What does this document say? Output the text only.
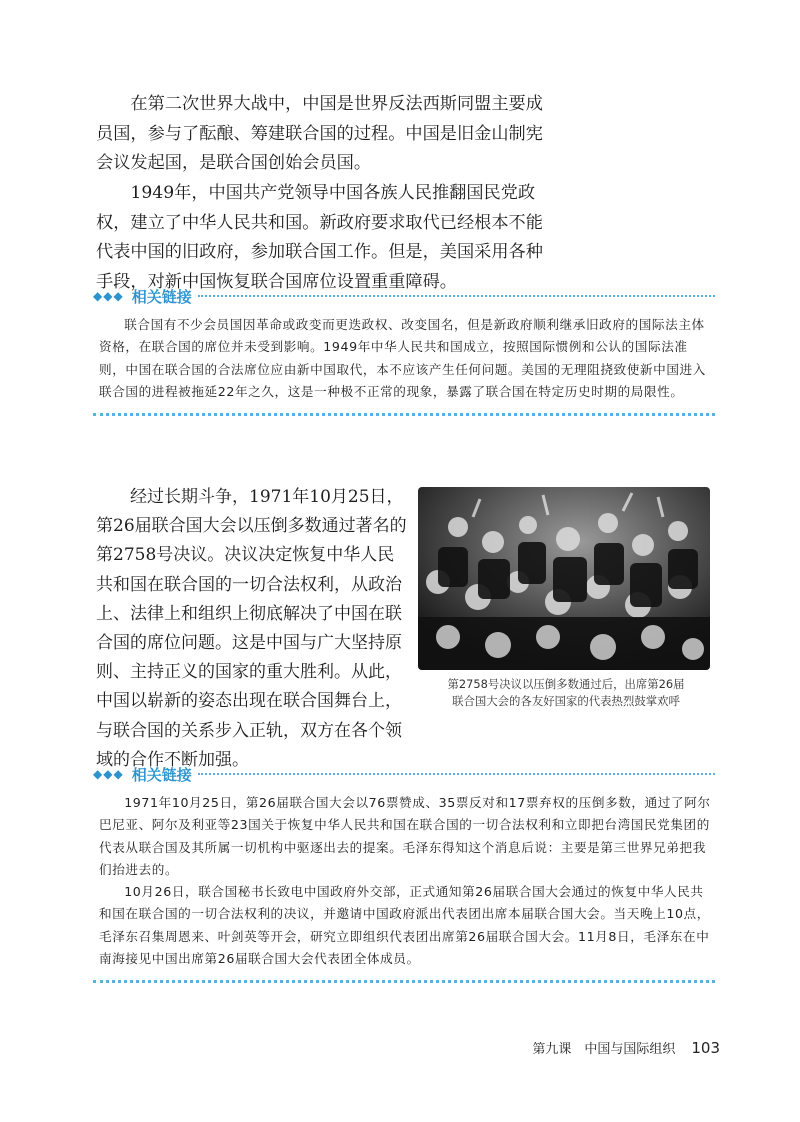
在第二次世界大战中，中国是世界反法西斯同盟主要成员国，参与了酝酿、筹建联合国的过程。中国是旧金山制宪会议发起国，是联合国创始会员国。

1949年，中国共产党领导中国各族人民推翻国民党政权，建立了中华人民共和国。新政府要求取代已经根本不能代表中国的旧政府，参加联合国工作。但是，美国采用各种手段，对新中国恢复联合国席位设置重重障碍。

◆◆◆ 相关链接

联合国有不少会员国因革命或政变而更迭政权、改变国名，但是新政府顺利继承旧政府的国际法主体资格，在联合国的席位并未受到影响。1949年中华人民共和国成立，按照国际惯例和公认的国际法准则，中国在联合国的合法席位应由新中国取代，本不应该产生任何问题。美国的无理阻挠致使新中国进入联合国的进程被拖延22年之久，这是一种极不正常的现象，暴露了联合国在特定历史时期的局限性。

经过长期斗争，1971年10月25日，第26届联合国大会以压倒多数通过著名的第2758号决议。决议决定恢复中华人民共和国在联合国的一切合法权利，从政治上、法律上和组织上彻底解决了中国在联合国的席位问题。这是中国与广大坚持原则、主持正义的国家的重大胜利。从此，中国以崭新的姿态出现在联合国舞台上，与联合国的关系步入正轨，双方在各个领域的合作不断加强。

第2758号决议以压倒多数通过后，出席第26届
联合国大会的各友好国家的代表热烈鼓掌欢呼
◆◆◆ 相关链接

1971年10月25日，第26届联合国大会以76票赞成、35票反对和17票弃权的压倒多数，通过了阿尔巴尼亚、阿尔及利亚等23国关于恢复中华人民共和国在联合国的一切合法权利和立即把台湾国民党集团的代表从联合国及其所属一切机构中驱逐出去的提案。毛泽东得知这个消息后说：主要是第三世界兄弟把我们抬进去的。

10月26日，联合国秘书长致电中国政府外交部，正式通知第26届联合国大会通过的恢复中华人民共和国在联合国的一切合法权利的决议，并邀请中国政府派出代表团出席本届联合国大会。当天晚上10点，毛泽东召集周恩来、叶剑英等开会，研究立即组织代表团出席第26届联合国大会。11月8日，毛泽东在中南海接见中国出席第26届联合国大会代表团全体成员。

第九课　中国与国际组织 103
